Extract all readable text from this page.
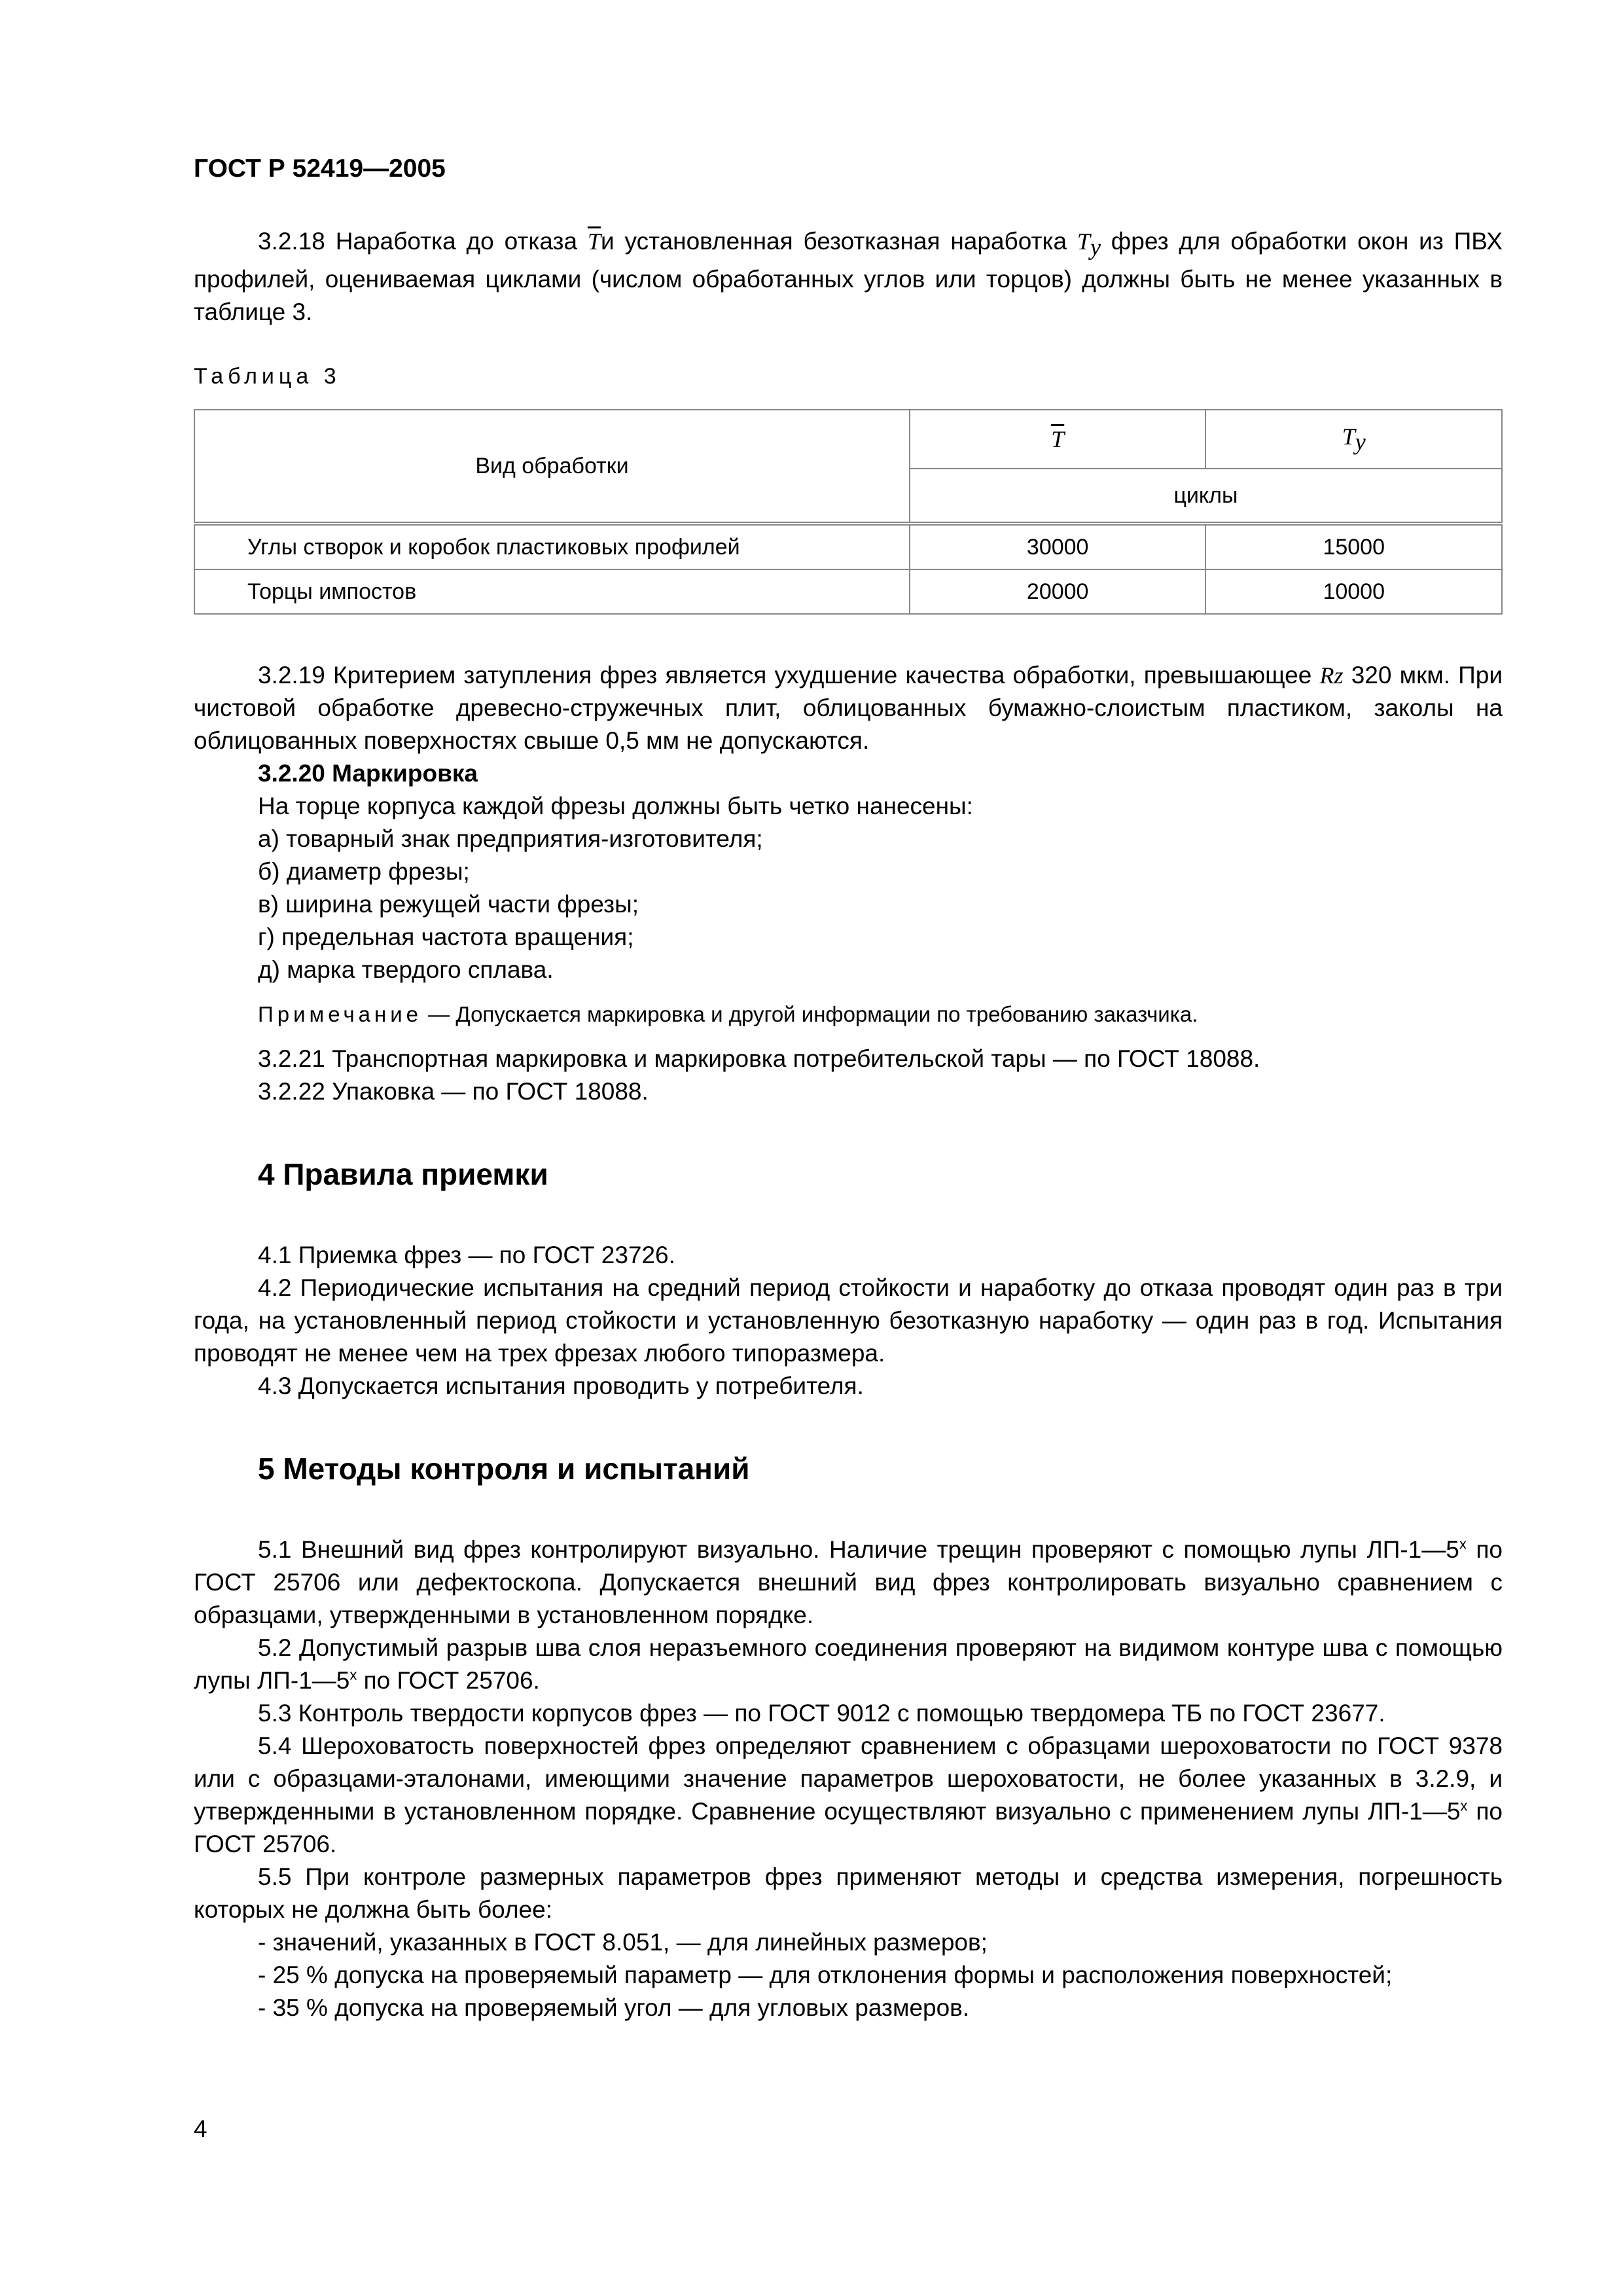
ГОСТ Р 52419—2005

3.2.18 Наработка до отказа $\overline{T}и$ установленная безотказная наработка $T_y$ фрез для обработки окон из ПВХ профилей, оцениваемая циклами (числом обработанных углов или торцов) должны быть не менее указанных в таблице 3.

Таблица 3
Вид обработки	$\overline{T}$	$T_y$
	циклы	
Углы створок и коробок пластиковых профилей	30000	15000
Торцы импостов	20000	10000

3.2.19 Критерием затупления фрез является ухудшение качества обработки, превышающее Rz 320 мкм. При чистовой обработке древесно-стружечных плит, облицованных бумажно-слоистым пластиком, заколы на облицованных поверхностях свыше 0,5 мм не допускаются.

3.2.20 Маркировка

На торце корпуса каждой фрезы должны быть четко нанесены:

а) товарный знак предприятия-изготовителя;

б) диаметр фрезы;

в) ширина режущей части фрезы;

г) предельная частота вращения;

д) марка твердого сплава.

Примечание — Допускается маркировка и другой информации по требованию заказчика.

3.2.21 Транспортная маркировка и маркировка потребительской тары — по ГОСТ 18088.

3.2.22 Упаковка — по ГОСТ 18088.

4 Правила приемки

4.1 Приемка фрез — по ГОСТ 23726.

4.2 Периодические испытания на средний период стойкости и наработку до отказа проводят один раз в три года, на установленный период стойкости и установленную безотказную наработку — один раз в год. Испытания проводят не менее чем на трех фрезах любого типоразмера.

4.3 Допускается испытания проводить у потребителя.

5 Методы контроля и испытаний

5.1 Внешний вид фрез контролируют визуально. Наличие трещин проверяют с помощью лупы $ЛП-1—5^х$ по ГОСТ 25706 или дефектоскопа. Допускается внешний вид фрез контролировать визуально сравнением с образцами, утвержденными в установленном порядке.

5.2 Допустимый разрыв шва слоя неразъемного соединения проверяют на видимом контуре шва с помощью лупы $ЛП-1—5^х$ по ГОСТ 25706.

5.3 Контроль твердости корпусов фрез — по ГОСТ 9012 с помощью твердомера ТБ по ГОСТ 23677.

5.4 Шероховатость поверхностей фрез определяют сравнением с образцами шероховатости по ГОСТ 9378 или с образцами-эталонами, имеющими значение параметров шероховатости, не более указанных в 3.2.9, и утвержденными в установленном порядке. Сравнение осуществляют визуально с применением лупы $ЛП-1—5^х$ по ГОСТ 25706.

5.5 При контроле размерных параметров фрез применяют методы и средства измерения, погрешность которых не должна быть более:

- значений, указанных в ГОСТ 8.051, — для линейных размеров;

- 25 % допуска на проверяемый параметр — для отклонения формы и расположения поверхностей;

- 35 % допуска на проверяемый угол — для угловых размеров.

4
